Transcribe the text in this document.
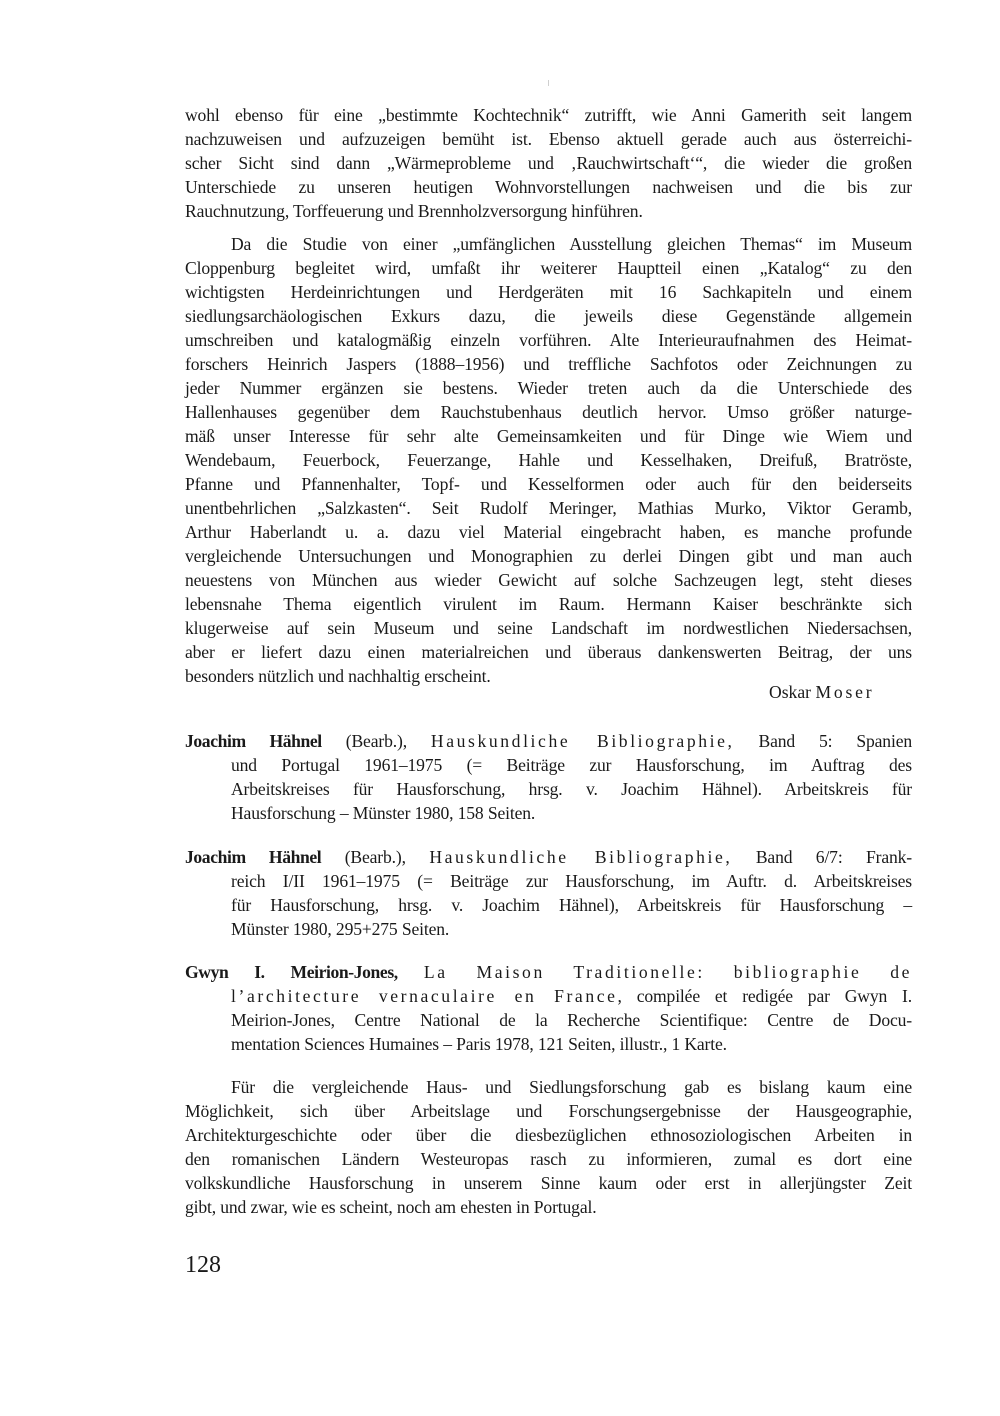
wohl ebenso für eine „bestimmte Kochtechnik“ zutrifft, wie Anni Gamerith seit langem
nachzuweisen und aufzuzeigen bemüht ist. Ebenso aktuell gerade auch aus österreichi-
scher Sicht sind dann „Wärmeprobleme und ‚Rauchwirtschaft‘“, die wieder die großen
Unterschiede zu unseren heutigen Wohnvorstellungen nachweisen und die bis zur
Rauchnutzung, Torffeuerung und Brennholzversorgung hinführen.
Da die Studie von einer „umfänglichen Ausstellung gleichen Themas“ im Museum
Cloppenburg begleitet wird, umfaßt ihr weiterer Hauptteil einen „Katalog“ zu den
wichtigsten Herdeinrichtungen und Herdgeräten mit 16 Sachkapiteln und einem
siedlungsarchäologischen Exkurs dazu, die jeweils diese Gegenstände allgemein
umschreiben und katalogmäßig einzeln vorführen. Alte Interieuraufnahmen des Heimat-
forschers Heinrich Jaspers (1888–1956) und treffliche Sachfotos oder Zeichnungen zu
jeder Nummer ergänzen sie bestens. Wieder treten auch da die Unterschiede des
Hallenhauses gegenüber dem Rauchstubenhaus deutlich hervor. Umso größer naturge-
mäß unser Interesse für sehr alte Gemeinsamkeiten und für Dinge wie Wiem und
Wendebaum, Feuerbock, Feuerzange, Hahle und Kesselhaken, Dreifuß, Bratröste,
Pfanne und Pfannenhalter, Topf- und Kesselformen oder auch für den beiderseits
unentbehrlichen „Salzkasten“. Seit Rudolf Meringer, Mathias Murko, Viktor Geramb,
Arthur Haberlandt u. a. dazu viel Material eingebracht haben, es manche profunde
vergleichende Untersuchungen und Monographien zu derlei Dingen gibt und man auch
neuestens von München aus wieder Gewicht auf solche Sachzeugen legt, steht dieses
lebensnahe Thema eigentlich virulent im Raum. Hermann Kaiser beschränkte sich
klugerweise auf sein Museum und seine Landschaft im nordwestlichen Niedersachsen,
aber er liefert dazu einen materialreichen und überaus dankenswerten Beitrag, der uns
besonders nützlich und nachhaltig erscheint.
Oskar Moser
Joachim Hähnel (Bearb.), Hauskundliche Bibliographie, Band 5: Spanien
und Portugal 1961–1975 (= Beiträge zur Hausforschung, im Auftrag des
Arbeitskreises für Hausforschung, hrsg. v. Joachim Hähnel). Arbeitskreis für
Hausforschung – Münster 1980, 158 Seiten.
Joachim Hähnel (Bearb.), Hauskundliche Bibliographie, Band 6/7: Frank-
reich I/II 1961–1975 (= Beiträge zur Hausforschung, im Auftr. d. Arbeitskreises
für Hausforschung, hrsg. v. Joachim Hähnel), Arbeitskreis für Hausforschung –
Münster 1980, 295+275 Seiten.
Gwyn I. Meirion-Jones, La Maison Traditionelle: bibliographie de
l’architecture vernaculaire en France, compilée et redigée par Gwyn I.
Meirion-Jones, Centre National de la Recherche Scientifique: Centre de Docu-
mentation Sciences Humaines – Paris 1978, 121 Seiten, illustr., 1 Karte.
Für die vergleichende Haus- und Siedlungsforschung gab es bislang kaum eine
Möglichkeit, sich über Arbeitslage und Forschungsergebnisse der Hausgeographie,
Architekturgeschichte oder über die diesbezüglichen ethnosoziologischen Arbeiten in
den romanischen Ländern Westeuropas rasch zu informieren, zumal es dort eine
volkskundliche Hausforschung in unserem Sinne kaum oder erst in allerjüngster Zeit
gibt, und zwar, wie es scheint, noch am ehesten in Portugal.
128
